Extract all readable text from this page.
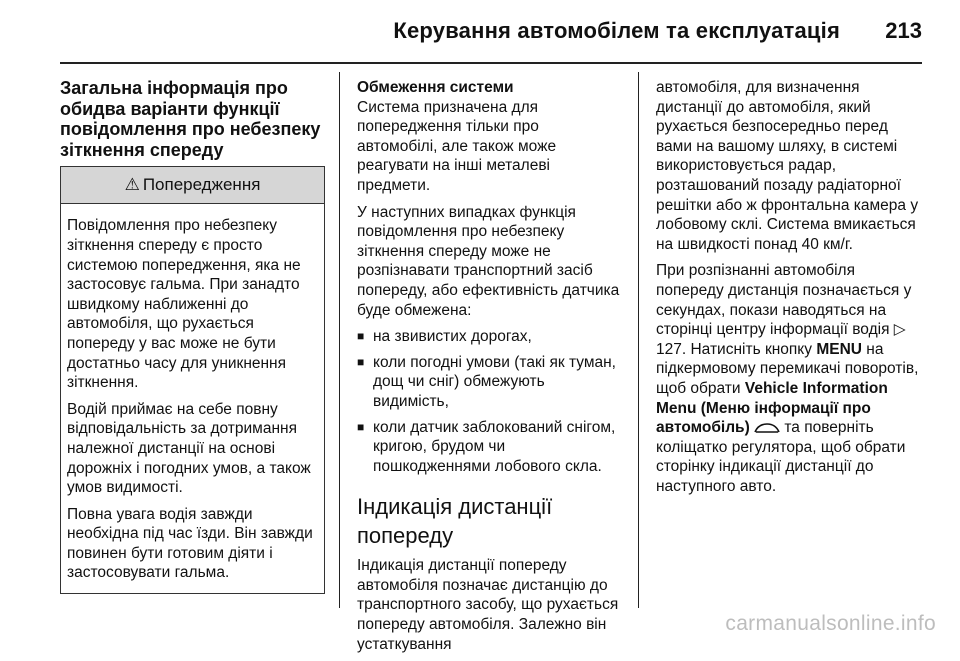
Керування автомобілем та експлуатація 213
Загальна інформація про обидва варіанти функції повідомлення про небезпеку зіткнення спереду
⚠ Попередження

Повідомлення про небезпеку зіткнення спереду є просто системою попередження, яка не застосовує гальма. При занадто швидкому наближенні до автомобіля, що рухається попереду у вас може не бути достатньо часу для уникнення зіткнення.

Водій приймає на себе повну відповідальність за дотримання належної дистанції на основі дорожніх і погодних умов, а також умов видимості.

Повна увага водія завжди необхідна під час їзди. Він завжди повинен бути готовим діяти і застосовувати гальма.

Обмеження системи

Система призначена для попередження тільки про автомобілі, але також може реагувати на інші металеві предмети.

У наступних випадках функція повідомлення про небезпеку зіткнення спереду може не розпізнавати транспортний засіб попереду, або ефективність датчика буде обмежена:

■ на звивистих дорогах,
■ коли погодні умови (такі як туман, дощ чи сніг) обмежують видимість,
■ коли датчик заблокований снігом, кригою, брудом чи пошкодженнями лобового скла.
Індикація дистанції попереду

Індикація дистанції попереду автомобіля позначає дистанцію до транспортного засобу, що рухається попереду автомобіля. Залежно він устаткування

автомобіля, для визначення дистанції до автомобіля, який рухається безпосередньо перед вами на вашому шляху, в системі використовується радар, розташований позаду радіаторної решітки або ж фронтальна камера у лобовому склі. Система вмикається на швидкості понад 40 км/г.

При розпізнанні автомобіля попереду дистанція позначається у секундах, покази наводяться на сторінці центру інформації водія ▷ 127. Натисніть кнопку MENU на підкермовому перемикачі поворотів, щоб обрати Vehicle Information Menu (Меню інформації про автомобіль) та поверніть коліщатко регулятора, щоб обрати сторінку індикації дистанції до наступного авто.

carmanualsonline.info
